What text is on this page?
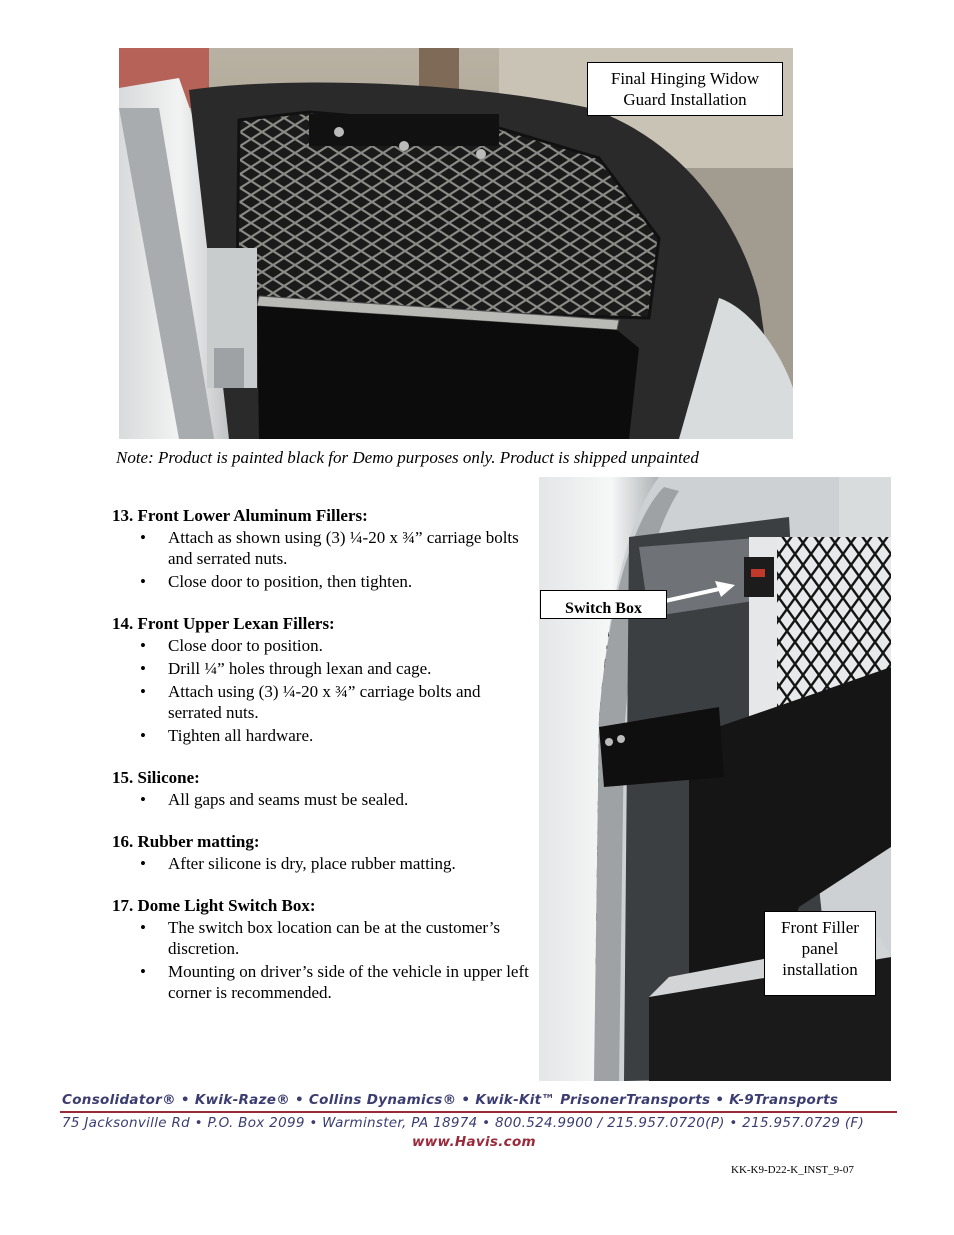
Final Hinging Widow Guard Installation
Note: Product is painted black for Demo purposes only. Product is shipped unpainted
Switch Box
Front Filler panel installation

13. Front Lower Aluminum Fillers:

• Attach as shown using (3) ¼-20 x ¾” carriage bolts and serrated nuts.
• Close door to position, then tighten.

14. Front Upper Lexan Fillers:

• Close door to position.
• Drill ¼” holes through lexan and cage.
• Attach using (3) ¼-20 x ¾” carriage bolts and serrated nuts.
• Tighten all hardware.

15. Silicone:

• All gaps and seams must be sealed.

16. Rubber matting:

• After silicone is dry, place rubber matting.

17. Dome Light Switch Box:

• The switch box location can be at the customer’s discretion.
• Mounting on driver’s side of the vehicle in upper left corner is recommended.
Consolidator® • Kwik-Raze® • Collins Dynamics® • Kwik-Kit™ PrisonerTransports • K-9Transports
75 Jacksonville Rd • P.O. Box 2099 • Warminster, PA 18974 • 800.524.9900 / 215.957.0720(P) • 215.957.0729 (F)
www.Havis.com
KK-K9-D22-K_INST_9-07
